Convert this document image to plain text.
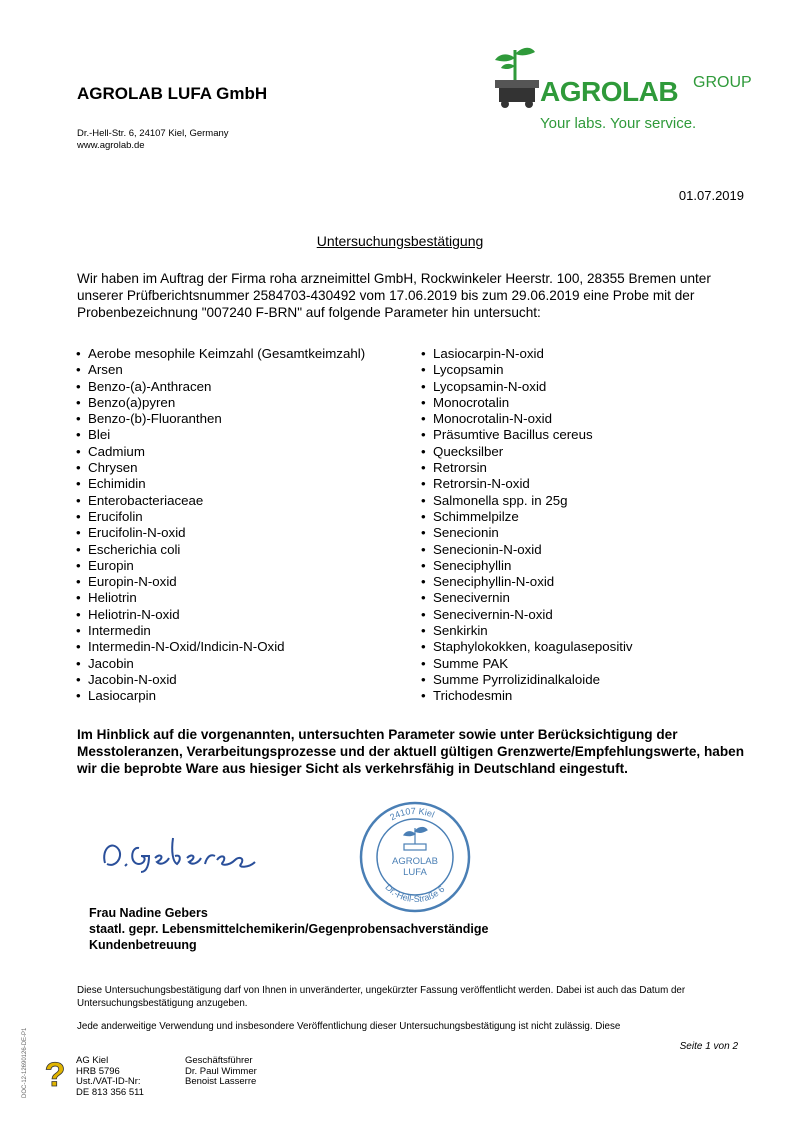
AGROLAB LUFA GmbH
Dr.-Hell-Str. 6, 24107 Kiel, Germany
www.agrolab.de
AGROLAB GROUP
Your labs. Your service.
01.07.2019
Untersuchungsbestätigung
Wir haben im Auftrag der Firma roha arzneimittel GmbH, Rockwinkeler Heerstr. 100, 28355 Bremen unter unserer Prüfberichtsnummer 2584703-430492 vom 17.06.2019 bis zum 29.06.2019 eine Probe mit der Probenbezeichnung "007240 F-BRN" auf folgende Parameter hin untersucht:
• Aerobe mesophile Keimzahl (Gesamtkeimzahl)
• Arsen
• Benzo-(a)-Anthracen
• Benzo(a)pyren
• Benzo-(b)-Fluoranthen
• Blei
• Cadmium
• Chrysen
• Echimidin
• Enterobacteriaceae
• Erucifolin
• Erucifolin-N-oxid
• Escherichia coli
• Europin
• Europin-N-oxid
• Heliotrin
• Heliotrin-N-oxid
• Intermedin
• Intermedin-N-Oxid/Indicin-N-Oxid
• Jacobin
• Jacobin-N-oxid
• Lasiocarpin
• Lasiocarpin-N-oxid
• Lycopsamin
• Lycopsamin-N-oxid
• Monocrotalin
• Monocrotalin-N-oxid
• Präsumtive Bacillus cereus
• Quecksilber
• Retrorsin
• Retrorsin-N-oxid
• Salmonella spp. in 25g
• Schimmelpilze
• Senecionin
• Senecionin-N-oxid
• Seneciphyllin
• Seneciphyllin-N-oxid
• Senecivernin
• Senecivernin-N-oxid
• Senkirkin
• Staphylokokken, koagulasepositiv
• Summe PAK
• Summe Pyrrolizidinalkaloide
• Trichodesmin
Im Hinblick auf die vorgenannten, untersuchten Parameter sowie unter Berücksichtigung der Messtoleranzen, Verarbeitungsprozesse und der aktuell gültigen Grenzwerte/Empfehlungswerte, haben wir die beprobte Ware aus hiesiger Sicht als verkehrsfähig in Deutschland eingestuft.
24107 Kiel
Dr.-Hell-Straße 6
AGROLAB
LUFA
Frau Nadine Gebers
staatl. gepr. Lebensmittelchemikerin/Gegenprobensachverständige
Kundenbetreuung
Diese Untersuchungsbestätigung darf von Ihnen in unveränderter, ungekürzter Fassung veröffentlicht werden. Dabei ist auch das Datum der Untersuchungsbestätigung anzugeben.
Jede anderweitige Verwendung und insbesondere Veröffentlichung dieser Untersuchungsbestätigung ist nicht zulässig. Diese
Seite 1 von 2
DOC-12-12690126-DE-P1 ? AG Kiel
HRB 5796
Ust./VAT-ID-Nr:
DE 813 356 511
Geschäftsführer
Dr. Paul Wimmer
Benoist Lasserre
